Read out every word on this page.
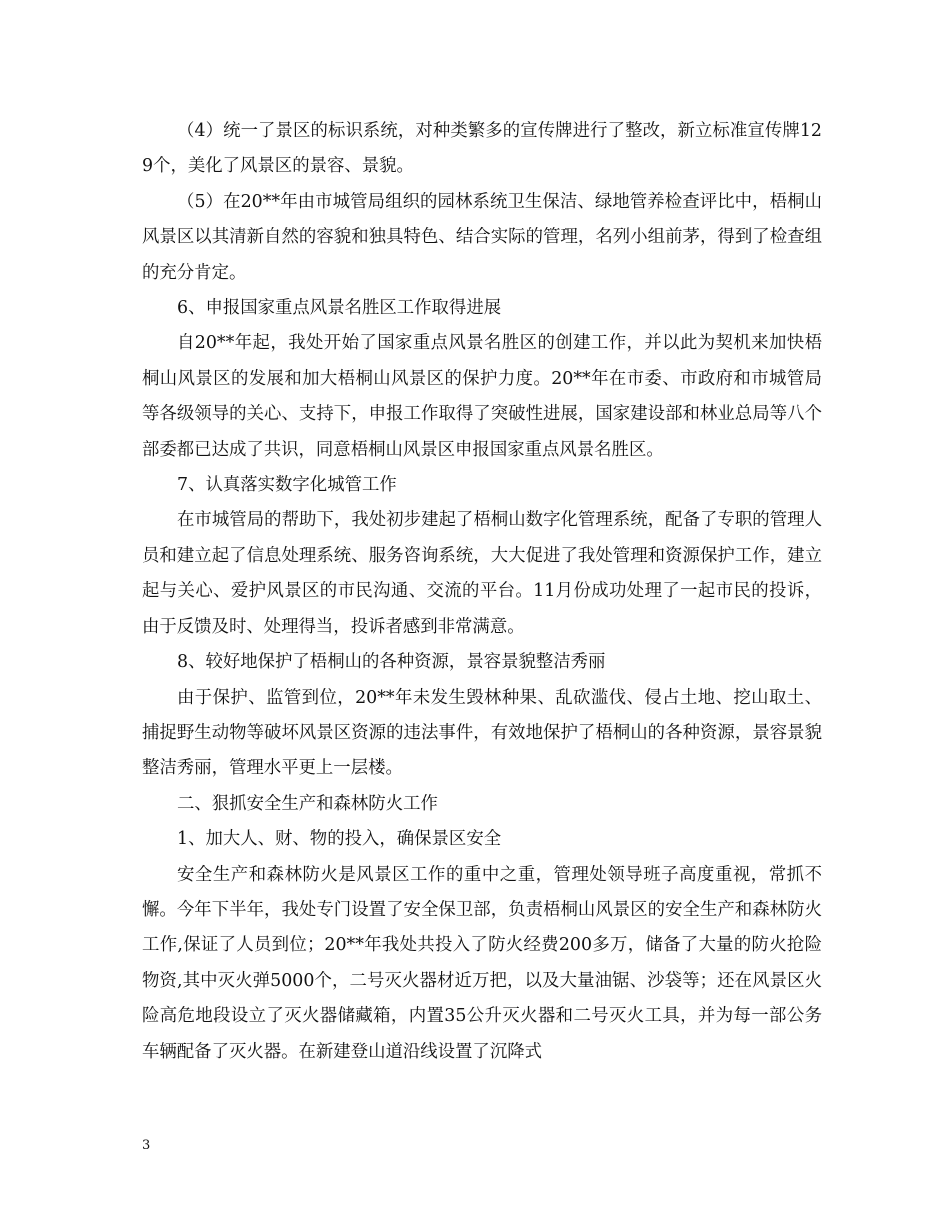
（4）统一了景区的标识系统，对种类繁多的宣传牌进行了整改，新立标准宣传牌129个，美化了风景区的景容、景貌。

（5）在20**年由市城管局组织的园林系统卫生保洁、绿地管养检查评比中，梧桐山风景区以其清新自然的容貌和独具特色、结合实际的管理，名列小组前茅，得到了检查组的充分肯定。

6、申报国家重点风景名胜区工作取得进展

自20**年起，我处开始了国家重点风景名胜区的创建工作，并以此为契机来加快梧桐山风景区的发展和加大梧桐山风景区的保护力度。20**年在市委、市政府和市城管局等各级领导的关心、支持下，申报工作取得了突破性进展，国家建设部和林业总局等八个部委都已达成了共识，同意梧桐山风景区申报国家重点风景名胜区。

7、认真落实数字化城管工作

在市城管局的帮助下，我处初步建起了梧桐山数字化管理系统，配备了专职的管理人员和建立起了信息处理系统、服务咨询系统，大大促进了我处管理和资源保护工作，建立起与关心、爱护风景区的市民沟通、交流的平台。11月份成功处理了一起市民的投诉，由于反馈及时、处理得当，投诉者感到非常满意。

8、较好地保护了梧桐山的各种资源，景容景貌整洁秀丽

由于保护、监管到位，20**年未发生毁林种果、乱砍滥伐、侵占土地、挖山取土、捕捉野生动物等破坏风景区资源的违法事件，有效地保护了梧桐山的各种资源，景容景貌整洁秀丽，管理水平更上一层楼。

二、狠抓安全生产和森林防火工作

1、加大人、财、物的投入，确保景区安全

安全生产和森林防火是风景区工作的重中之重，管理处领导班子高度重视，常抓不懈。今年下半年，我处专门设置了安全保卫部，负责梧桐山风景区的安全生产和森林防火工作,保证了人员到位；20**年我处共投入了防火经费200多万，储备了大量的防火抢险物资,其中灭火弹5000个，二号灭火器材近万把，以及大量油锯、沙袋等；还在风景区火险高危地段设立了灭火器储藏箱，内置35公升灭火器和二号灭火工具，并为每一部公务车辆配备了灭火器。在新建登山道沿线设置了沉降式

3
